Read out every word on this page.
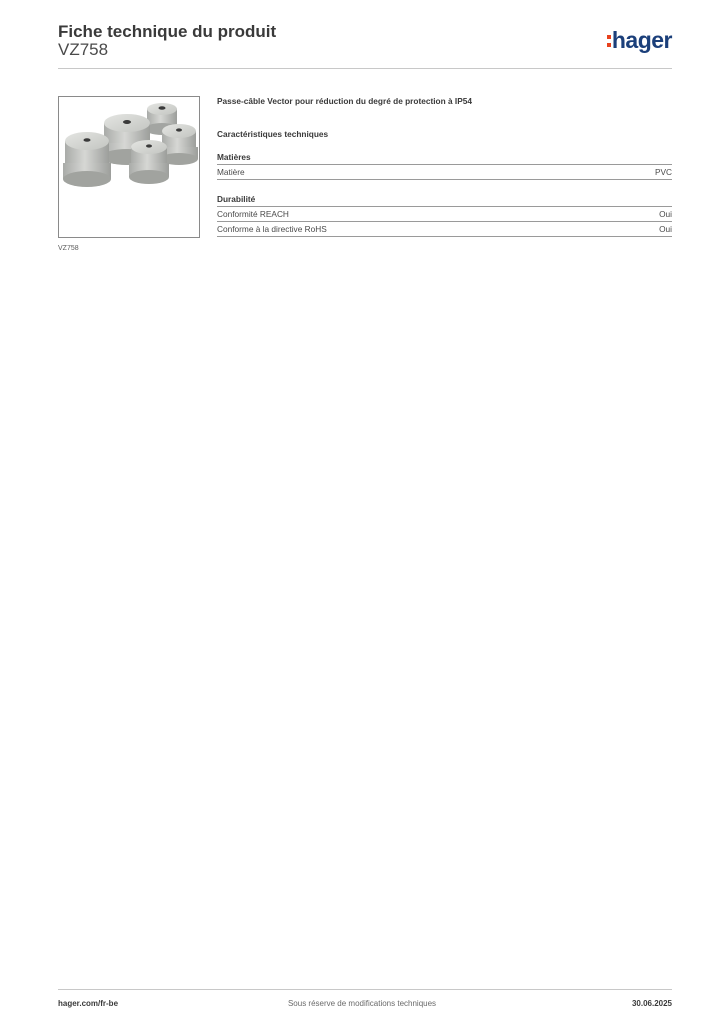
Fiche technique du produit
VZ758	hager
VZ758
Passe-câble Vector pour réduction du degré de protection à IP54
Caractéristiques techniques
Matières
Matière	PVC
Durabilité
Conformité REACH	Oui
Conforme à la directive RoHS	Oui
hager.com/fr-be	Sous réserve de modifications techniques	30.06.2025
